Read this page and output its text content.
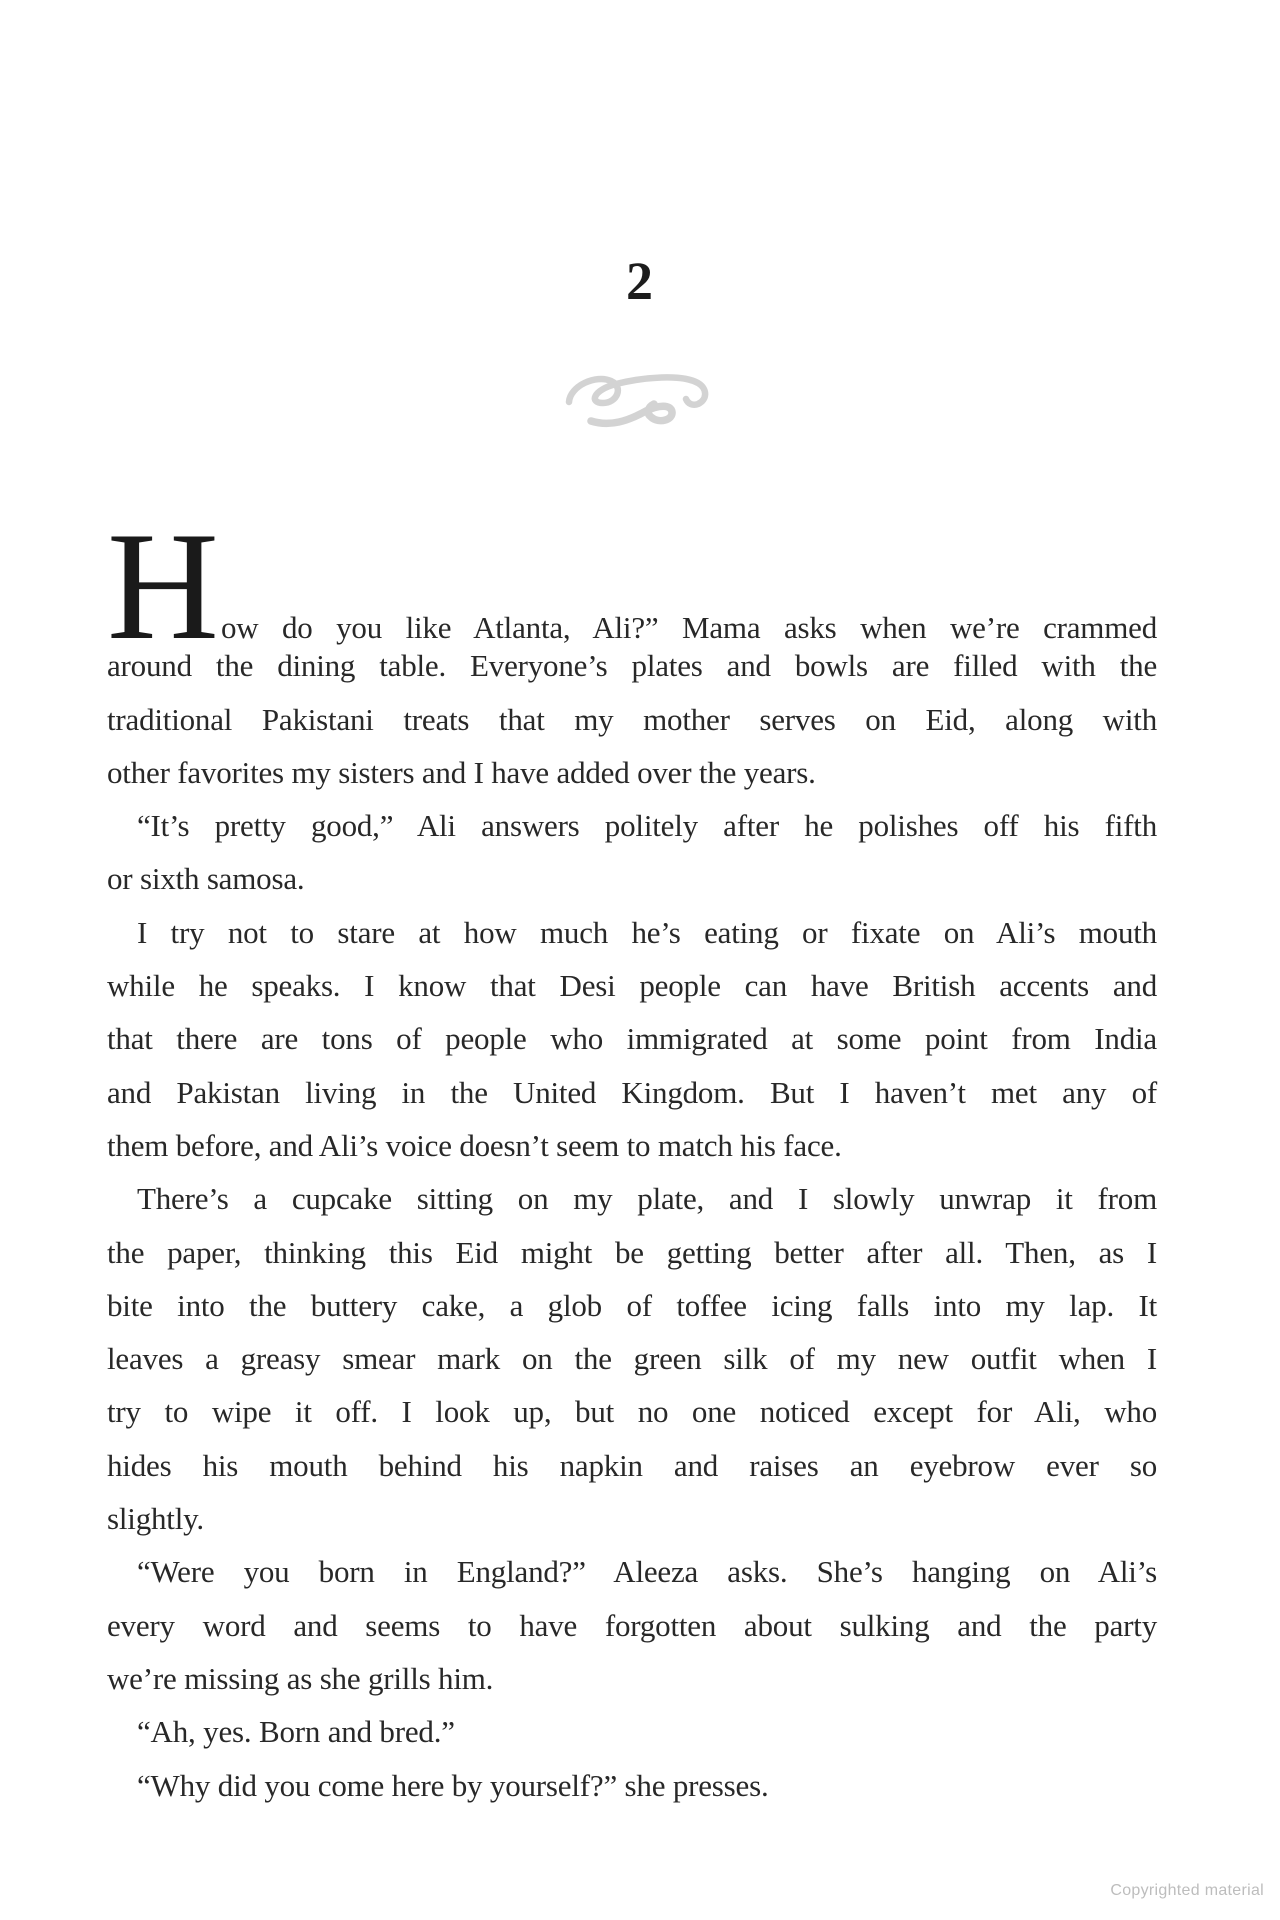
2
How do you like Atlanta, Ali?” Mama asks when we’re crammed
around the dining table. Everyone’s plates and bowls are filled with the
traditional Pakistani treats that my mother serves on Eid, along with
other favorites my sisters and I have added over the years.
“It’s pretty good,” Ali answers politely after he polishes off his fifth
or sixth samosa.
I try not to stare at how much he’s eating or fixate on Ali’s mouth
while he speaks. I know that Desi people can have British accents and
that there are tons of people who immigrated at some point from India
and Pakistan living in the United Kingdom. But I haven’t met any of
them before, and Ali’s voice doesn’t seem to match his face.
There’s a cupcake sitting on my plate, and I slowly unwrap it from
the paper, thinking this Eid might be getting better after all. Then, as I
bite into the buttery cake, a glob of toffee icing falls into my lap. It
leaves a greasy smear mark on the green silk of my new outfit when I
try to wipe it off. I look up, but no one noticed except for Ali, who
hides his mouth behind his napkin and raises an eyebrow ever so
slightly.
“Were you born in England?” Aleeza asks. She’s hanging on Ali’s
every word and seems to have forgotten about sulking and the party
we’re missing as she grills him.
“Ah, yes. Born and bred.”
“Why did you come here by yourself?” she presses.
Copyrighted material
